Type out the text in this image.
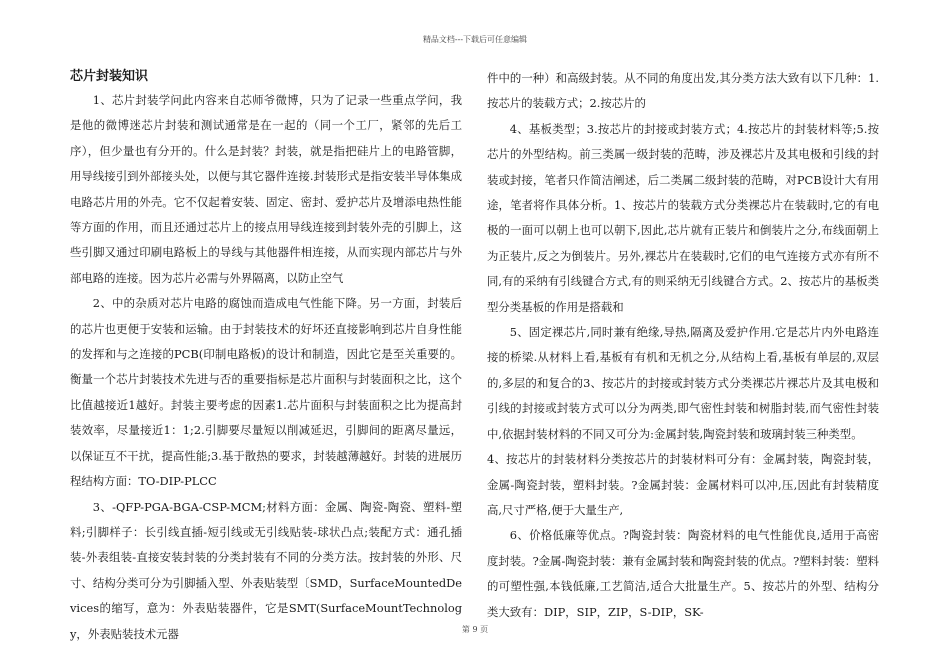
精品文档---下载后可任意编辑
芯片封装知识

1、芯片封装学问此内容来自芯师爷微博，只为了记录一些重点学问，我是他的微博迷芯片封装和测试通常是在一起的（同一个工厂，紧邻的先后工序），但少量也有分开的。什么是封装？封装，就是指把硅片上的电路管脚，用导线接引到外部接头处，以便与其它器件连接.封装形式是指安装半导体集成电路芯片用的外壳。它不仅起着安装、固定、密封、爱护芯片及增添电热性能等方面的作用，而且还通过芯片上的接点用导线连接到封装外壳的引脚上，这些引脚又通过印刷电路板上的导线与其他器件相连接，从而实现内部芯片与外部电路的连接。因为芯片必需与外界隔离，以防止空气

2、中的杂质对芯片电路的腐蚀而造成电气性能下降。另一方面，封装后的芯片也更便于安装和运输。由于封装技术的好坏还直接影响到芯片自身性能的发挥和与之连接的PCB(印制电路板)的设计和制造，因此它是至关重要的。衡量一个芯片封装技术先进与否的重要指标是芯片面积与封装面积之比，这个比值越接近1越好。封装主要考虑的因素1.芯片面积与封装面积之比为提高封装效率，尽量接近1：1;2.引脚要尽量短以削减延迟，引脚间的距离尽量远，以保证互不干扰，提高性能;3.基于散热的要求，封装越薄越好。封装的进展历程结构方面：TO-DIP-PLCC

3、-QFP-PGA-BGA-CSP-MCM;材料方面：金属、陶瓷-陶瓷、塑料-塑料;引脚样子：长引线直插-短引线或无引线贴装-球状凸点;装配方式：通孔插装-外表组装-直接安装封装的分类封装有不同的分类方法。按封装的外形、尺寸、结构分类可分为引脚插入型、外表贴装型〔SMD，SurfaceMountedDevices的缩写，意为：外表贴装器件，它是SMT(SurfaceMountTechnology，外表贴装技术元器

件中的一种）和高级封装。从不同的角度出发,其分类方法大致有以下几种：1.按芯片的装载方式；2.按芯片的

4、基板类型；3.按芯片的封接或封装方式；4.按芯片的封装材料等;5.按芯片的外型结构。前三类属一级封装的范畴，涉及裸芯片及其电极和引线的封装或封接，笔者只作简洁阐述，后二类属二级封装的范畴，对PCB设计大有用途，笔者将作具体分析。1、按芯片的装载方式分类裸芯片在装载时,它的有电极的一面可以朝上也可以朝下,因此,芯片就有正装片和倒装片之分,布线面朝上为正装片,反之为倒装片。另外,裸芯片在装载时,它们的电气连接方式亦有所不同,有的采纳有引线键合方式,有的则采纳无引线键合方式。2、按芯片的基板类型分类基板的作用是搭载和

5、固定裸芯片,同时兼有绝缘,导热,隔离及爱护作用.它是芯片内外电路连接的桥梁.从材料上看,基板有有机和无机之分,从结构上看,基板有单层的,双层的,多层的和复合的3、按芯片的封接或封装方式分类裸芯片裸芯片及其电极和引线的封接或封装方式可以分为两类,即气密性封装和树脂封装,而气密性封装中,依据封装材料的不同又可分为:金属封装,陶瓷封装和玻璃封装三种类型。

4、按芯片的封装材料分类按芯片的封装材料可分有：金属封装，陶瓷封装，金属-陶瓷封装，塑料封装。?金属封装：金属材料可以冲,压,因此有封装精度高,尺寸严格,便于大量生产,

6、价格低廉等优点。?陶瓷封装：陶瓷材料的电气性能优良,适用于高密度封装。?金属-陶瓷封装：兼有金属封装和陶瓷封装的优点。?塑料封装：塑料的可塑性强,本钱低廉,工艺简洁,适合大批量生产。5、按芯片的外型、结构分类大致有：DIP，SIP，ZIP，S-DIP，SK-

第 9 页
